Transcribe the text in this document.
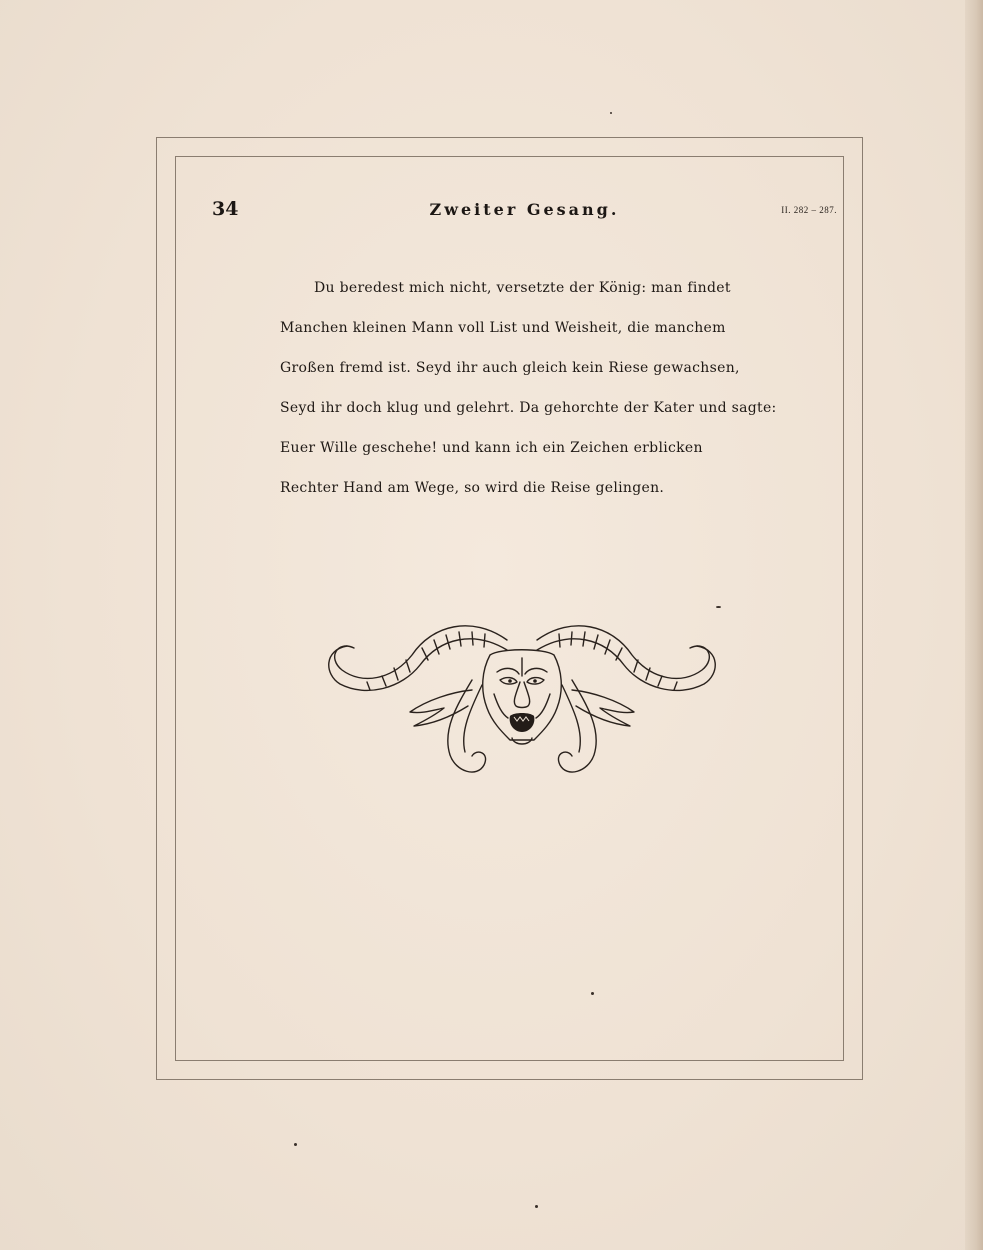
34	Zweiter Gesang.	II. 282 – 287.
Du beredest mich nicht, versetzte der König: man findet
Manchen kleinen Mann voll List und Weisheit, die manchem
Großen fremd ist. Seyd ihr auch gleich kein Riese gewachsen,
Seyd ihr doch klug und gelehrt. Da gehorchte der Kater und sagte:
Euer Wille geschehe! und kann ich ein Zeichen erblicken
Rechter Hand am Wege, so wird die Reise gelingen.
